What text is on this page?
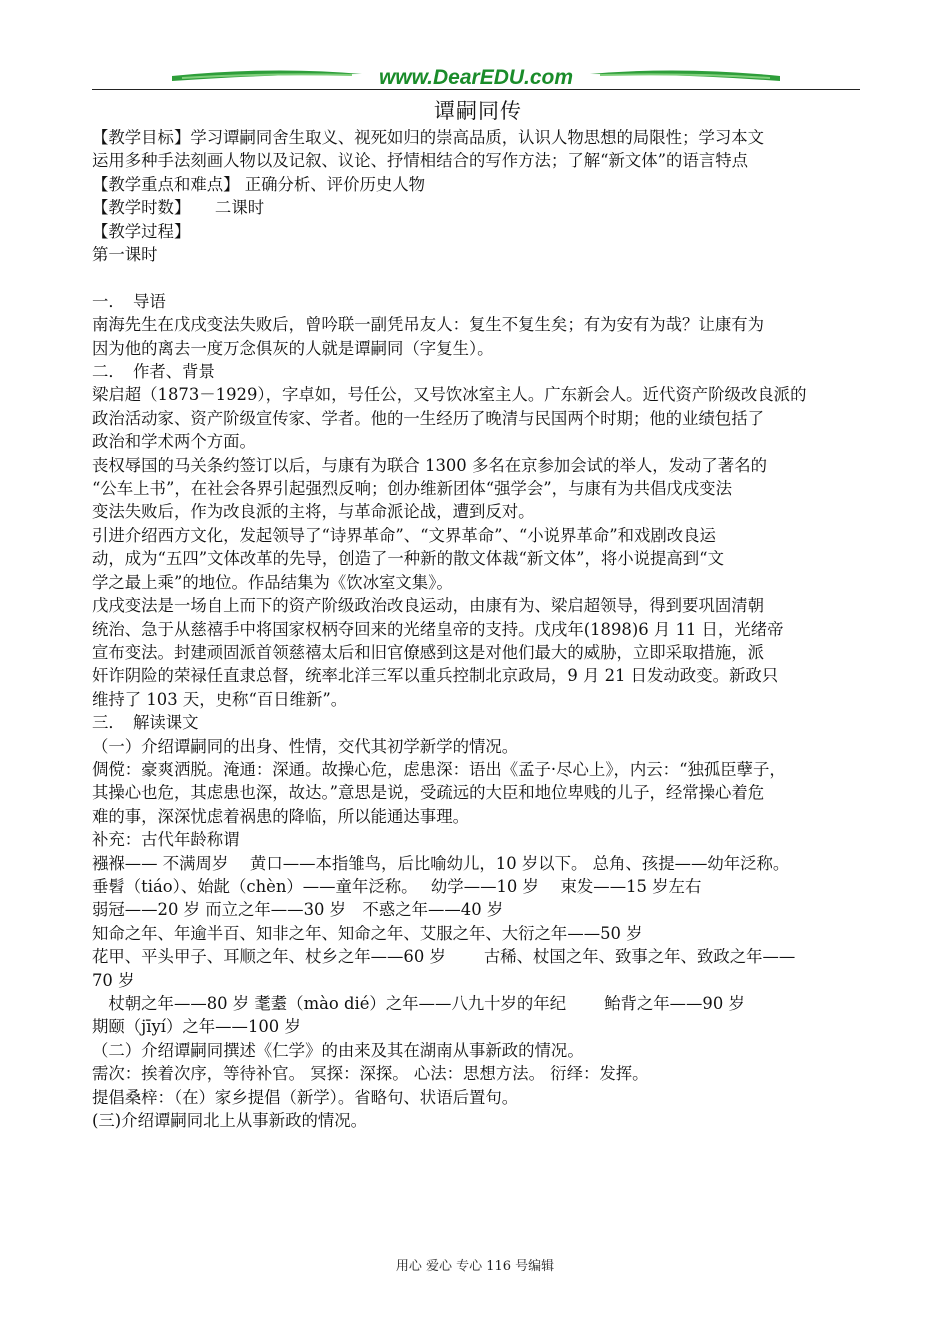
www.DearEDU.com
谭嗣同传
【教学目标】学习谭嗣同舍生取义、视死如归的崇高品质，认识人物思想的局限性；学习本文
运用多种手法刻画人物以及记叙、议论、抒情相结合的写作方法；了解“新文体”的语言特点
【教学重点和难点】 正确分析、评价历史人物
【教学时数】　　二课时
【教学过程】
第一课时
一．　导语
南海先生在戊戌变法失败后，曾吟联一副凭吊友人：复生不复生矣；有为安有为哉？让康有为
因为他的离去一度万念俱灰的人就是谭嗣同（字复生）。
二．　作者、背景
梁启超（1873－1929），字卓如，号任公，又号饮冰室主人。广东新会人。近代资产阶级改良派的
政治活动家、资产阶级宣传家、学者。他的一生经历了晚清与民国两个时期；他的业绩包括了
政治和学术两个方面。
丧权辱国的马关条约签订以后，与康有为联合 1300 多名在京参加会试的举人，发动了著名的
“公车上书”，在社会各界引起强烈反响；创办维新团体“强学会”，与康有为共倡戊戌变法
变法失败后，作为改良派的主将，与革命派论战，遭到反对。
引进介绍西方文化，发起领导了“诗界革命”、“文界革命”、“小说界革命”和戏剧改良运
动，成为“五四”文体改革的先导，创造了一种新的散文体裁“新文体”，将小说提高到“文
学之最上乘”的地位。作品结集为《饮冰室文集》。
戊戌变法是一场自上而下的资产阶级政治改良运动，由康有为、梁启超领导，得到要巩固清朝
统治、急于从慈禧手中将国家权柄夺回来的光绪皇帝的支持。戊戌年(1898)6 月 11 日，光绪帝
宣布变法。封建顽固派首领慈禧太后和旧官僚感到这是对他们最大的威胁，立即采取措施，派
奸诈阴险的荣禄任直隶总督，统率北洋三军以重兵控制北京政局，9 月 21 日发动政变。新政只
维持了 103 天，史称“百日维新”。
三．　解读课文
（一）介绍谭嗣同的出身、性情，交代其初学新学的情况。
倜傥：豪爽洒脱。淹通：深通。故操心危，虑患深：语出《孟子·尽心上》，内云：“独孤臣孽子，
其操心也危，其虑患也深，故达。”意思是说，受疏远的大臣和地位卑贱的儿子，经常操心着危
难的事，深深忧虑着祸患的降临，所以能通达事理。
补充：古代年龄称谓
襁褓—— 不满周岁　 黄口——本指雏鸟，后比喻幼儿，10 岁以下。 总角、孩提——幼年泛称。
垂髫（tiáo）、始龀（chèn）——童年泛称。　 幼学——10 岁　 束发——15 岁左右
弱冠——20 岁 而立之年——30 岁　不惑之年——40 岁
知命之年、年逾半百、知非之年、知命之年、艾服之年、大衍之年——50 岁
花甲、平头甲子、耳顺之年、杖乡之年——60 岁　　 古稀、杖国之年、致事之年、致政之年——
70 岁
　杖朝之年——80 岁 耄耋（mào dié）之年——八九十岁的年纪　　 鲐背之年——90 岁
期颐（jīyí）之年——100 岁
（二）介绍谭嗣同撰述《仁学》的由来及其在湖南从事新政的情况。
需次：挨着次序，等待补官。 冥探：深探。 心法：思想方法。 衍绎：发挥。
提倡桑梓：（在）家乡提倡（新学）。省略句、状语后置句。
(三)介绍谭嗣同北上从事新政的情况。
用心 爱心 专心 116 号编辑
